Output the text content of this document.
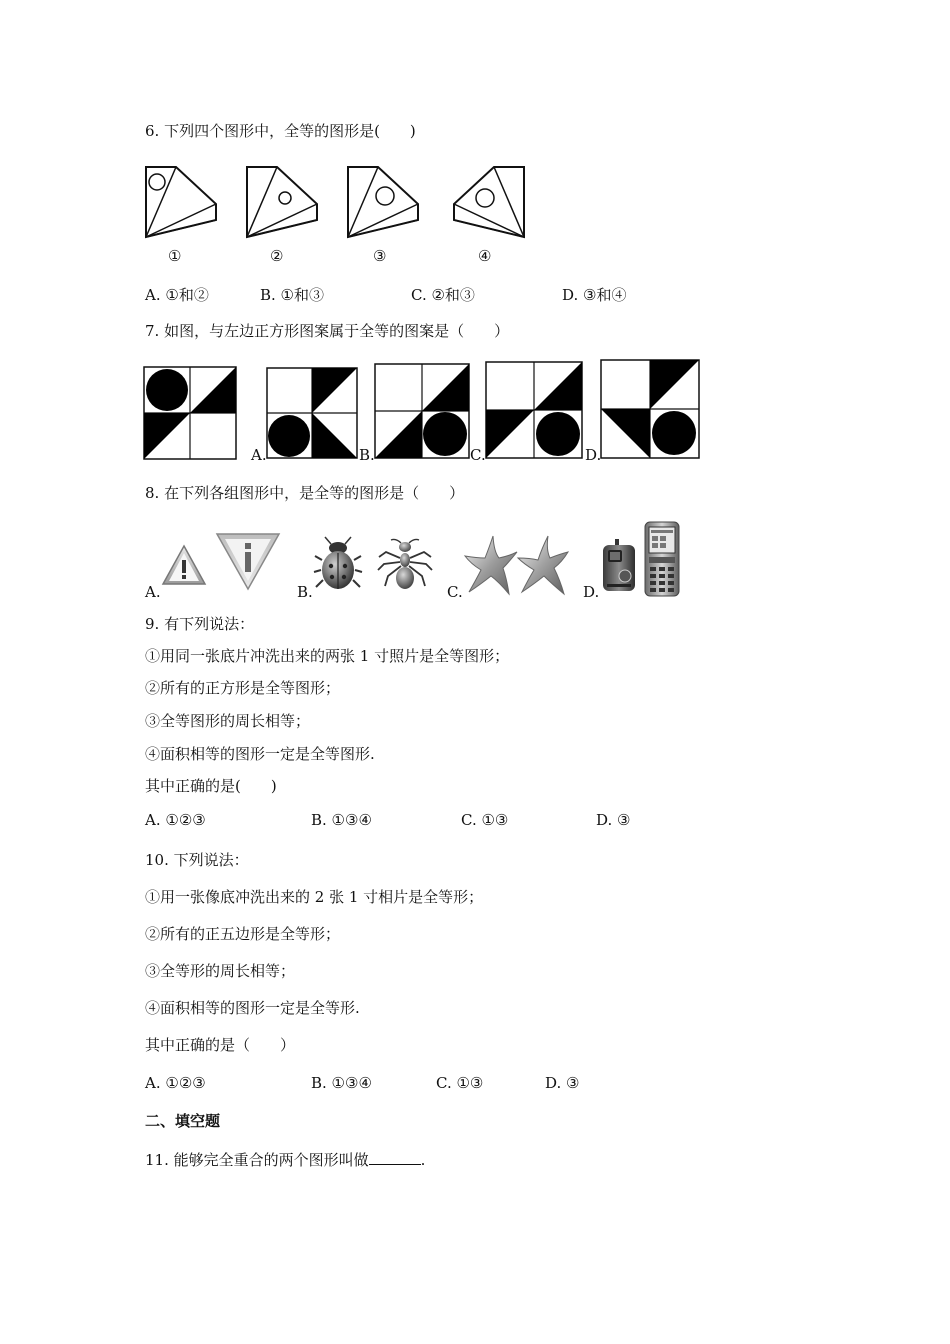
6. 下列四个图形中，全等的图形是(　　)
①	②	③	④
A. ①和②	B. ①和③	C. ②和③	D. ③和④
7. 如图，与左边正方形图案属于全等的图案是（　　）
A.	B.	C.	D.
8. 在下列各组图形中，是全等的图形是（　　）
A.	B.	C.	D.
9. 有下列说法：
①用同一张底片冲洗出来的两张 1 寸照片是全等图形；
②所有的正方形是全等图形；
③全等图形的周长相等；
④面积相等的图形一定是全等图形.
其中正确的是(　　)
A. ①②③	B. ①③④	C. ①③	D. ③
10. 下列说法：
①用一张像底冲洗出来的 2 张 1 寸相片是全等形；
②所有的正五边形是全等形；
③全等形的周长相等；
④面积相等的图形一定是全等形.
其中正确的是（　　）
A. ①②③	B. ①③④	C. ①③	D. ③
二、填空题
11. 能够完全重合的两个图形叫做	.
